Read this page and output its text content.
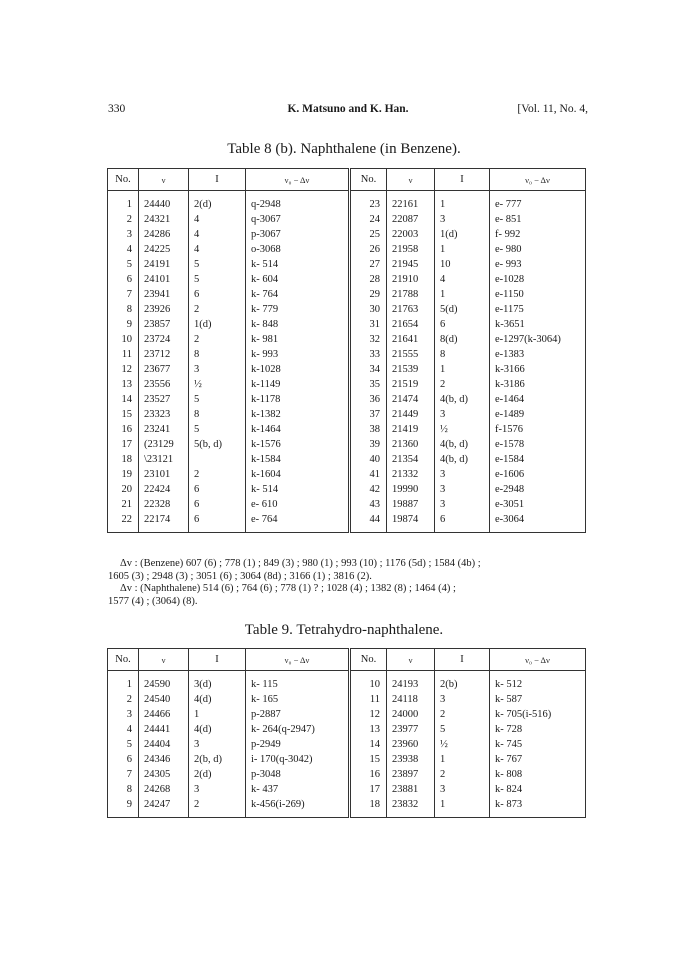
330	K. Matsuno and K. Han.	[Vol. 11, No. 4,
Table 8 (b). Naphthalene (in Benzene).
No.	ν	I	ν₀ − Δν	No.	ν	I	ν₀ − Δν
1	24440	2(d)	q-2948	23	22161	1	e- 777
2	24321	4	q-3067	24	22087	3	e- 851
3	24286	4	p-3067	25	22003	1(d)	f- 992
4	24225	4	o-3068	26	21958	1	e- 980
5	24191	5	k- 514	27	21945	10	e- 993
6	24101	5	k- 604	28	21910	4	e-1028
7	23941	6	k- 764	29	21788	1	e-1150
8	23926	2	k- 779	30	21763	5(d)	e-1175
9	23857	1(d)	k- 848	31	21654	6	k-3651
10	23724	2	k- 981	32	21641	8(d)	e-1297(k-3064)
11	23712	8	k- 993	33	21555	8	e-1383
12	23677	3	k-1028	34	21539	1	k-3166
13	23556	½	k-1149	35	21519	2	k-3186
14	23527	5	k-1178	36	21474	4(b, d)	e-1464
15	23323	8	k-1382	37	21449	3	e-1489
16	23241	5	k-1464	38	21419	½	f-1576
17	(23129	5(b, d)	k-1576	39	21360	4(b, d)	e-1578
18	\23121		k-1584	40	21354	4(b, d)	e-1584
19	23101	2	k-1604	41	21332	3	e-1606
20	22424	6	k- 514	42	19990	3	e-2948
21	22328	6	e- 610	43	19887	3	e-3051
22	22174	6	e- 764	44	19874	6	e-3064
Δv : (Benzene) 607 (6) ; 778 (1) ; 849 (3) ; 980 (1) ; 993 (10) ; 1176 (5d) ; 1584 (4b) ;
1605 (3) ; 2948 (3) ; 3051 (6) ; 3064 (8d) ; 3166 (1) ; 3816 (2).
Δv : (Naphthalene) 514 (6) ; 764 (6) ; 778 (1) ? ; 1028 (4) ; 1382 (8) ; 1464 (4) ;
1577 (4) ; (3064) (8).
Table 9. Tetrahydro-naphthalene.
No.	ν	I	ν₀ − Δν	No.	ν	I	ν₀ − Δν
1	24590	3(d)	k- 115	10	24193	2(b)	k- 512
2	24540	4(d)	k- 165	11	24118	3	k- 587
3	24466	1	p-2887	12	24000	2	k- 705(i-516)
4	24441	4(d)	k- 264(q-2947)	13	23977	5	k- 728
5	24404	3	p-2949	14	23960	½	k- 745
6	24346	2(b, d)	i- 170(q-3042)	15	23938	1	k- 767
7	24305	2(d)	p-3048	16	23897	2	k- 808
8	24268	3	k- 437	17	23881	3	k- 824
9	24247	2	k-456(i-269)	18	23832	1	k- 873
